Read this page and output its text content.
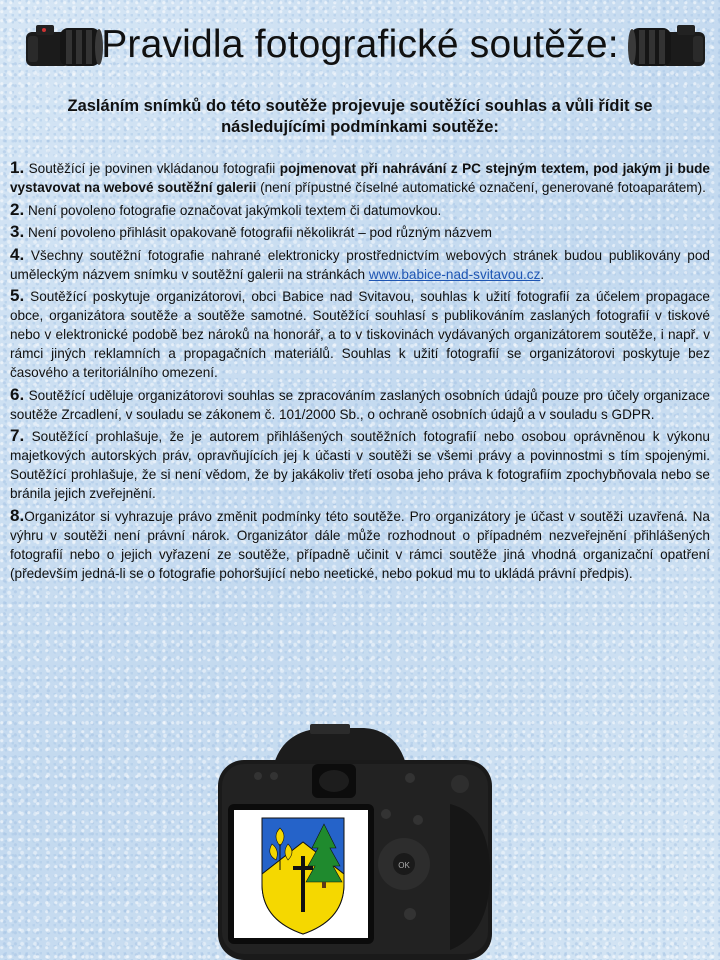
Pravidla fotografické soutěže:
Zasláním snímků do této soutěže projevuje soutěžící souhlas a vůli řídit se následujícími podmínkami soutěže:

1. Soutěžící je povinen vkládanou fotografii pojmenovat při nahrávání z PC stejným textem, pod jakým ji bude vystavovat na webové soutěžní galerii (není přípustné číselné automatické označení, generované fotoaparátem).

2. Není povoleno fotografie označovat jakýmkoli textem či datumovkou.

3. Není povoleno přihlásit opakovaně fotografii několikrát – pod různým názvem

4. Všechny soutěžní fotografie nahrané elektronicky prostřednictvím webových stránek budou publikovány pod uměleckým názvem snímku v soutěžní galerii na stránkách www.babice-nad-svitavou.cz.

5. Soutěžící poskytuje organizátorovi, obci Babice nad Svitavou, souhlas k užití fotografií za účelem propagace obce, organizátora soutěže a soutěže samotné. Soutěžící souhlasí s publikováním zaslaných fotografií v tiskové nebo v elektronické podobě bez nároků na honorář, a to v tiskovinách vydávaných organizátorem soutěže, i např. v rámci jiných reklamních a propagačních materiálů. Souhlas k užití fotografií se organizátorovi poskytuje bez časového a teritoriálního omezení.

6. Soutěžící uděluje organizátorovi souhlas se zpracováním zaslaných osobních údajů pouze pro účely organizace soutěže Zrcadlení, v souladu se zákonem č. 101/2000 Sb., o ochraně osobních údajů a v souladu s GDPR.

7. Soutěžící prohlašuje, že je autorem přihlášených soutěžních fotografií nebo osobou oprávněnou k výkonu majetkových autorských práv, opravňujících jej k účasti v soutěži se všemi právy a povinnostmi s tím spojenými. Soutěžící prohlašuje, že si není vědom, že by jakákoliv třetí osoba jeho práva k fotografiím zpochybňovala nebo se bránila jejich zveřejnění.

8.Organizátor si vyhrazuje právo změnit podmínky této soutěže. Pro organizátory je účast v soutěži uzavřená. Na výhru v soutěži není právní nárok. Organizátor dále může rozhodnout o případném nezveřejnění přihlášených fotografií nebo o jejich vyřazení ze soutěže, případně učinit v rámci soutěže jiná vhodná organizační opatření (především jedná-li se o fotografie pohoršující nebo neetické, nebo pokud mu to ukládá právní předpis).

OK
